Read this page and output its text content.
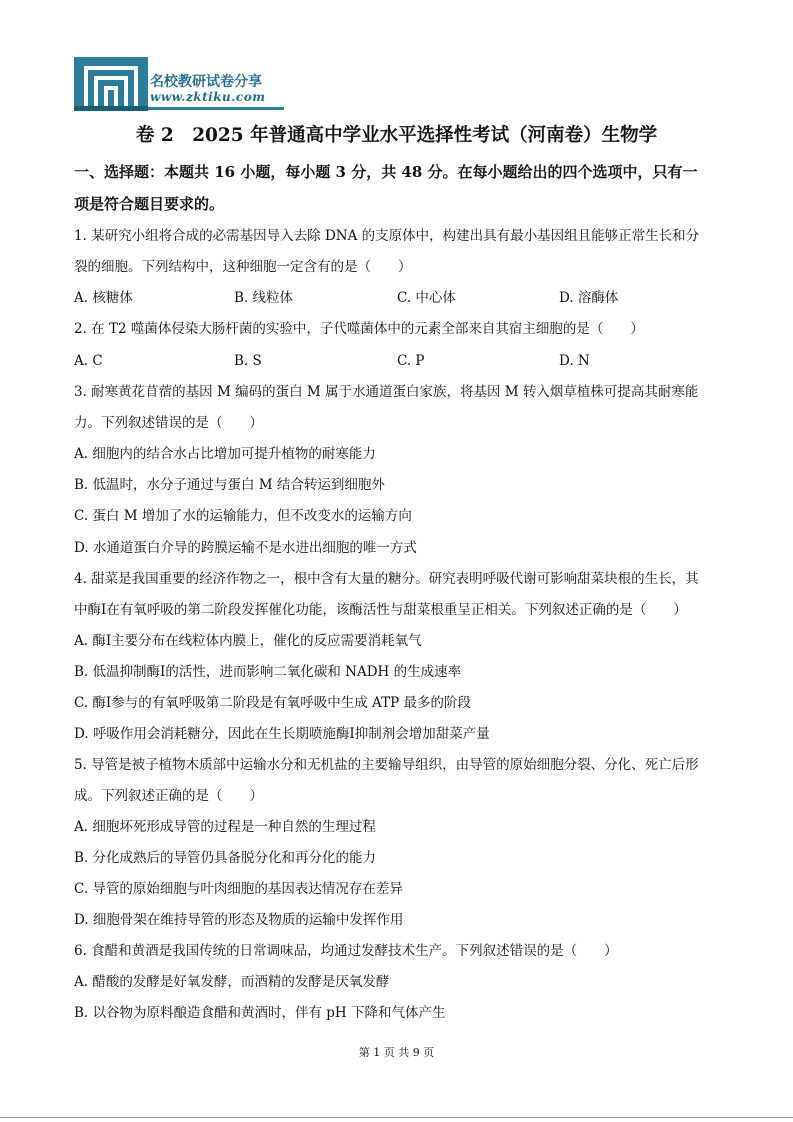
名校教研试卷分享
www.zktiku.com
卷 2　2025 年普通高中学业水平选择性考试（河南卷）生物学
一、选择题：本题共 16 小题，每小题 3 分，共 48 分。在每小题给出的四个选项中，只有一
项是符合题目要求的。
1. 某研究小组将合成的必需基因导入去除 DNA 的支原体中，构建出具有最小基因组且能够正常生长和分
裂的细胞。下列结构中，这种细胞一定含有的是（　　）
A. 核糖体	B. 线粒体	C. 中心体	D. 溶酶体
2. 在 T2 噬菌体侵染大肠杆菌的实验中，子代噬菌体中的元素全部来自其宿主细胞的是（　　）
A. C	B. S	C. P	D. N
3. 耐寒黄花苜蓿的基因 M 编码的蛋白 M 属于水通道蛋白家族，将基因 M 转入烟草植株可提高其耐寒能
力。下列叙述错误的是（　　）
A. 细胞内的结合水占比增加可提升植物的耐寒能力
B. 低温时，水分子通过与蛋白 M 结合转运到细胞外
C. 蛋白 M 增加了水的运输能力，但不改变水的运输方向
D. 水通道蛋白介导的跨膜运输不是水进出细胞的唯一方式
4. 甜菜是我国重要的经济作物之一，根中含有大量的糖分。研究表明呼吸代谢可影响甜菜块根的生长，其
中酶Ⅰ在有氧呼吸的第二阶段发挥催化功能，该酶活性与甜菜根重呈正相关。下列叙述正确的是（　　）
A. 酶Ⅰ主要分布在线粒体内膜上，催化的反应需要消耗氧气
B. 低温抑制酶Ⅰ的活性，进而影响二氧化碳和 NADH 的生成速率
C. 酶Ⅰ参与的有氧呼吸第二阶段是有氧呼吸中生成 ATP 最多的阶段
D. 呼吸作用会消耗糖分，因此在生长期喷施酶Ⅰ抑制剂会增加甜菜产量
5. 导管是被子植物木质部中运输水分和无机盐的主要输导组织，由导管的原始细胞分裂、分化、死亡后形
成。下列叙述正确的是（　　）
A. 细胞坏死形成导管的过程是一种自然的生理过程
B. 分化成熟后的导管仍具备脱分化和再分化的能力
C. 导管的原始细胞与叶肉细胞的基因表达情况存在差异
D. 细胞骨架在维持导管的形态及物质的运输中发挥作用
6. 食醋和黄酒是我国传统的日常调味品，均通过发酵技术生产。下列叙述错误的是（　　）
A. 醋酸的发酵是好氧发酵，而酒精的发酵是厌氧发酵
B. 以谷物为原料酿造食醋和黄酒时，伴有 pH 下降和气体产生
第 1 页 共 9 页
